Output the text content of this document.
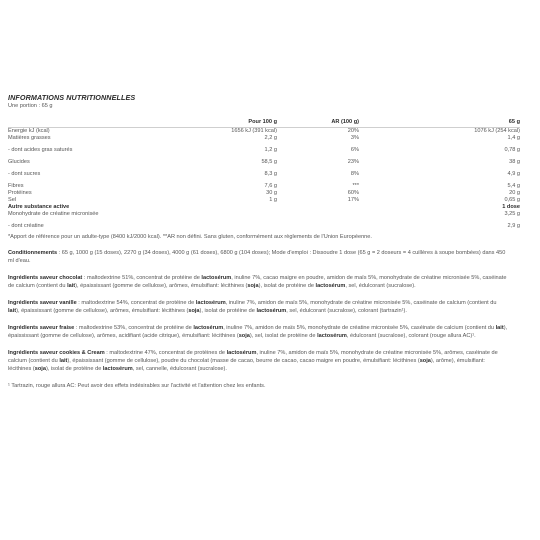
INFORMATIONS NUTRITIONNELLES
Une portion : 65 g
	Pour 100 g	AR (100 g)	65 g
Energie kJ (kcal)	1656 kJ (391 kcal)	20%	1076 kJ (254 kcal)
Matières grasses	2,2 g	3%	1,4 g
- dont acides gras saturés	1,2 g	6%	0,78 g
Glucides	58,5 g	23%	38 g
- dont sucres	8,3 g	8%	4,9 g
Fibres	7,6 g	***	5,4 g
Protéines	30 g	60%	20 g
Sel	1 g	17%	0,65 g
Autre substance active			1 dose
Monohydrate de créatine micronisée			3,25 g
- dont créatine			2,9 g
*Apport de référence pour un adulte-type (8400 kJ/2000 kcal). **AR non défini. Sans gluten, conformément aux règlements de l'Union Européenne.
Conditionnements : 65 g, 1000 g (15 doses), 2270 g (34 doses), 4000 g (61 doses), 6800 g (104 doses); Mode d'emploi : Dissoudre 1 dose (65 g = 2 doseurs = 4 cuillères à soupe bombées) dans 450 ml d'eau.
Ingrédients saveur chocolat : maltodextrine 51%, concentrat de protéine de lactosérum, inuline 7%, cacao maigre en poudre, amidon de maïs 5%, monohydrate de créatine micronisée 5%, caséinate de calcium (contient du lait), épaississant (gomme de cellulose), arômes, émulsifiant: lécithines (soja), isolat de protéine de lactosérum, sel, édulcorant (sucralose).
Ingrédients saveur vanille : maltodextrine 54%, concentrat de protéine de lactosérum, inuline 7%, amidon de maïs 5%, monohydrate de créatine micronisée 5%, caséinate de calcium (contient du lait), épaississant (gomme de cellulose), arômes, émulsifiant: lécithines (soja), isolat de protéine de lactosérum, sel, édulcorant (sucralose), colorant (tartrazin¹).
Ingrédients saveur fraise : maltodextrine 53%, concentrat de protéine de lactosérum, inuline 7%, amidon de maïs 5%, monohydrate de créatine micronisée 5%, caséinate de calcium (contient du lait), épaississant (gomme de cellulose), arômes, acidifiant (acide citrique), émulsifiant: lécithines (soja), sel, isolat de protéine de lactosérum, édulcorant (sucralose), colorant (rouge allura AC)¹.
Ingrédients saveur cookies & Cream : maltodextrine 47%, concentrat de protéines de lactosérum, inuline 7%, amidon de maïs 5%, monohydrate de créatine micronisée 5%, arômes, caséinate de calcium (contient du lait), épaississant (gomme de cellulose), poudre du chocolat (masse de cacao, beurre de cacao, cacao maigre en poudre, émulsifiant: lécithines (soja), arôme), émulsifiant: lécithines (soja), isolat de protéine de lactosérum, sel, cannelle, édulcorant (sucralose).
¹ Tartrazin, rouge allura AC: Peut avoir des effets indésirables sur l'activité et l'attention chez les enfants.
